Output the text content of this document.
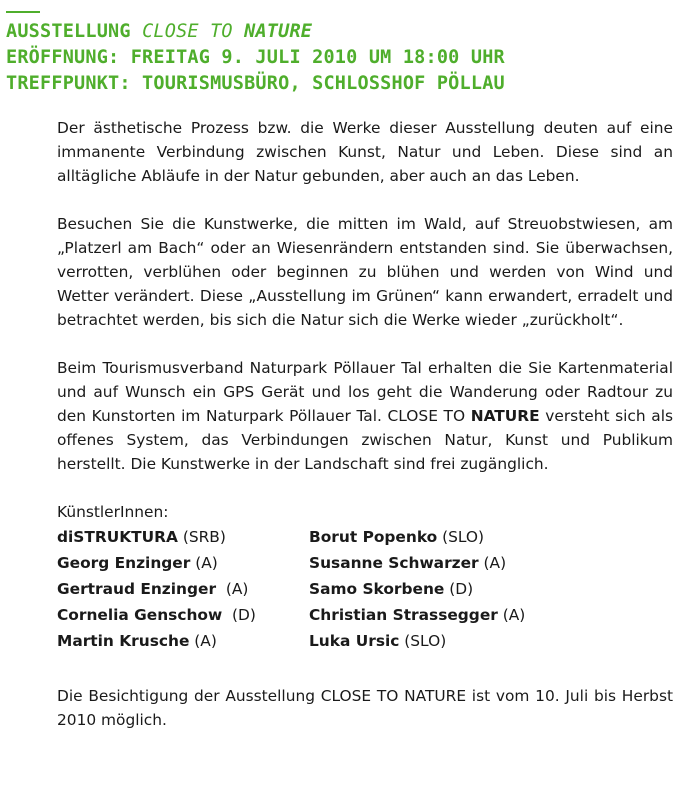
AUSSTELLUNG CLOSE TO NATURE
ERÖFFNUNG: FREITAG 9. JULI 2010 UM 18:00 UHR
TREFFPUNKT: TOURISMUSBÜRO, SCHLOSSHOF PÖLLAU

Der ästhetische Prozess bzw. die Werke dieser Ausstellung deuten auf eine immanente Verbindung zwischen Kunst, Natur und Leben. Diese sind an alltägliche Abläufe in der Natur gebunden, aber auch an das Leben.

Besuchen Sie die Kunstwerke, die mitten im Wald, auf Streuobstwiesen, am „Platzerl am Bach“ oder an Wiesenrändern entstanden sind. Sie überwachsen, verrotten, verblühen oder beginnen zu blühen und werden von Wind und Wetter verändert. Diese „Ausstellung im Grünen“ kann erwandert, erradelt und betrachtet werden, bis sich die Natur sich die Werke wieder „zurückholt“.

Beim Tourismusverband Naturpark Pöllauer Tal erhalten die Sie Kartenmaterial und auf Wunsch ein GPS Gerät und los geht die Wanderung oder Radtour zu den Kunstorten im Naturpark Pöllauer Tal. CLOSE TO NATURE versteht sich als offenes System, das Verbindungen zwischen Natur, Kunst und Publikum herstellt. Die Kunstwerke in der Landschaft sind frei zugänglich.

KünstlerInnen:

diSTRUKTURA (SRB)
Georg Enzinger (A)
Gertraud Enzinger  (A)
Cornelia Genschow  (D)
Martin Krusche (A)
Borut Popenko (SLO)
Susanne Schwarzer (A)
Samo Skorbene (D)
Christian Strassegger (A)
Luka Ursic (SLO)

Die Besichtigung der Ausstellung CLOSE TO NATURE ist vom 10. Juli bis Herbst 2010 möglich.
